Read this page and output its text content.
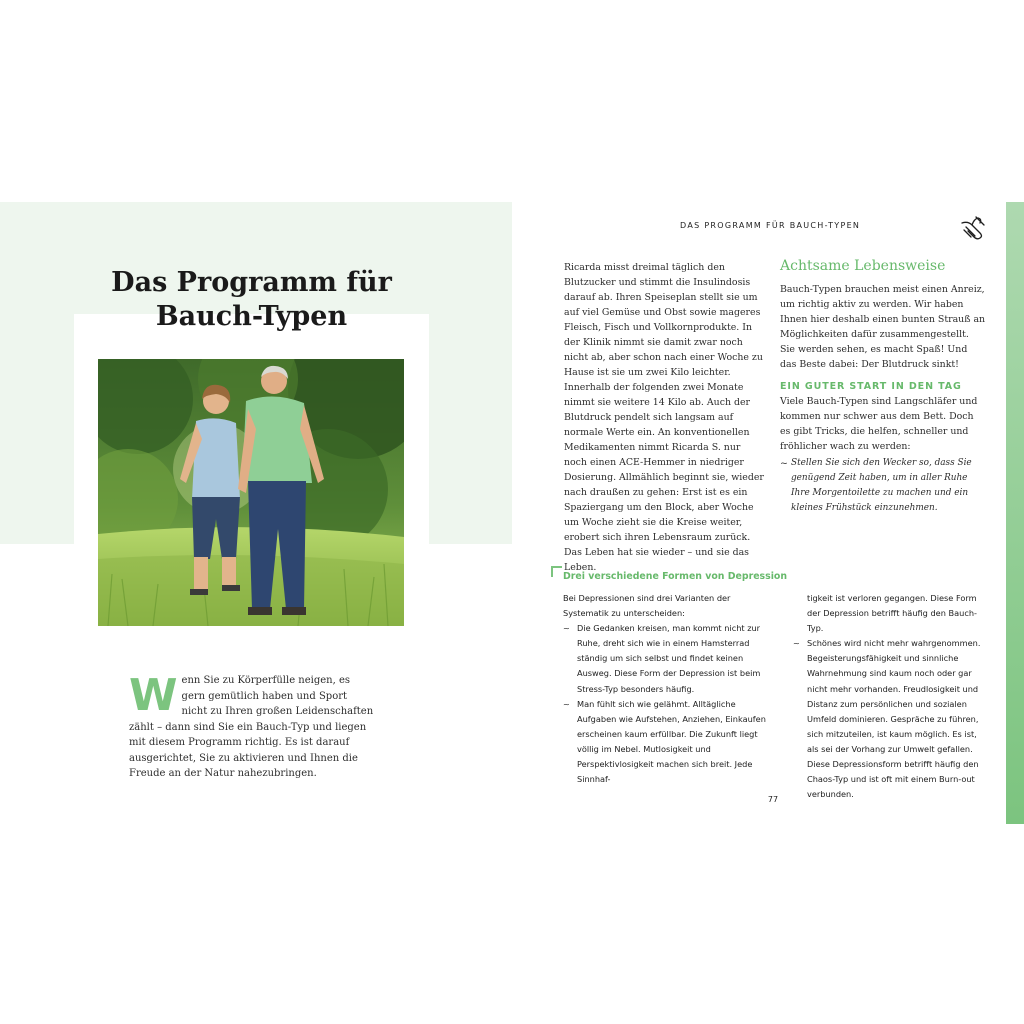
Das Programm für
Bauch-Typen
W enn Sie zu Körperfülle neigen, es gern gemütlich haben und Sport nicht zu Ihren großen Leidenschaften zählt – dann sind Sie ein Bauch-Typ und liegen mit diesem Programm richtig. Es ist darauf ausgerichtet, Sie zu aktivieren und Ihnen die Freude an der Natur nahezubringen.
DAS PROGRAMM FÜR BAUCH-TYPEN
Ricarda misst dreimal täglich den Blutzucker und stimmt die Insulindosis darauf ab. Ihren Speiseplan stellt sie um auf viel Gemüse und Obst sowie mageres Fleisch, Fisch und Vollkornprodukte. In der Klinik nimmt sie damit zwar noch nicht ab, aber schon nach einer Woche zu Hause ist sie um zwei Kilo leichter. Innerhalb der folgenden zwei Monate nimmt sie weitere 14 Kilo ab. Auch der Blutdruck pendelt sich langsam auf normale Werte ein. An konventionellen Medikamenten nimmt Ricarda S. nur noch einen ACE-Hemmer in niedriger Dosierung. Allmählich beginnt sie, wieder nach draußen zu gehen: Erst ist es ein Spaziergang um den Block, aber Woche um Woche zieht sie die Kreise weiter, erobert sich ihren Lebensraum zurück. Das Leben hat sie wieder – und sie das Leben.
Achtsame Lebensweise

Bauch-Typen brauchen meist einen Anreiz, um richtig aktiv zu werden. Wir haben Ihnen hier deshalb einen bunten Strauß an Möglichkeiten dafür zusammengestellt. Sie werden sehen, es macht Spaß! Und das Beste dabei: Der Blutdruck sinkt!

EIN GUTER START IN DEN TAG

Viele Bauch-Typen sind Langschläfer und kommen nur schwer aus dem Bett. Doch es gibt Tricks, die helfen, schneller und fröhlicher wach zu werden:

~ Stellen Sie sich den Wecker so, dass Sie genügend Zeit haben, um in aller Ruhe Ihre Morgentoilette zu machen und ein kleines Frühstück einzunehmen.
Drei verschiedene Formen von Depression

Bei Depressionen sind drei Varianten der Systematik zu unterscheiden:

~ Die Gedanken kreisen, man kommt nicht zur Ruhe, dreht sich wie in einem Hamsterrad ständig um sich selbst und findet keinen Ausweg. Diese Form der Depression ist beim Stress-Typ besonders häufig.
~ Man fühlt sich wie gelähmt. Alltägliche Aufgaben wie Aufstehen, Anziehen, Einkaufen erscheinen kaum erfüllbar. Die Zukunft liegt völlig im Nebel. Mutlosigkeit und Perspektivlosigkeit machen sich breit. Jede Sinnhaf-
tigkeit ist verloren gegangen. Diese Form der Depression betrifft häufig den Bauch-Typ.
~ Schönes wird nicht mehr wahrgenommen. Begeisterungsfähigkeit und sinnliche Wahrnehmung sind kaum noch oder gar nicht mehr vorhanden. Freudlosigkeit und Distanz zum persönlichen und sozialen Umfeld dominieren. Gespräche zu führen, sich mitzuteilen, ist kaum möglich. Es ist, als sei der Vorhang zur Umwelt gefallen. Diese Depressionsform betrifft häufig den Chaos-Typ und ist oft mit einem Burn-out verbunden.
77
